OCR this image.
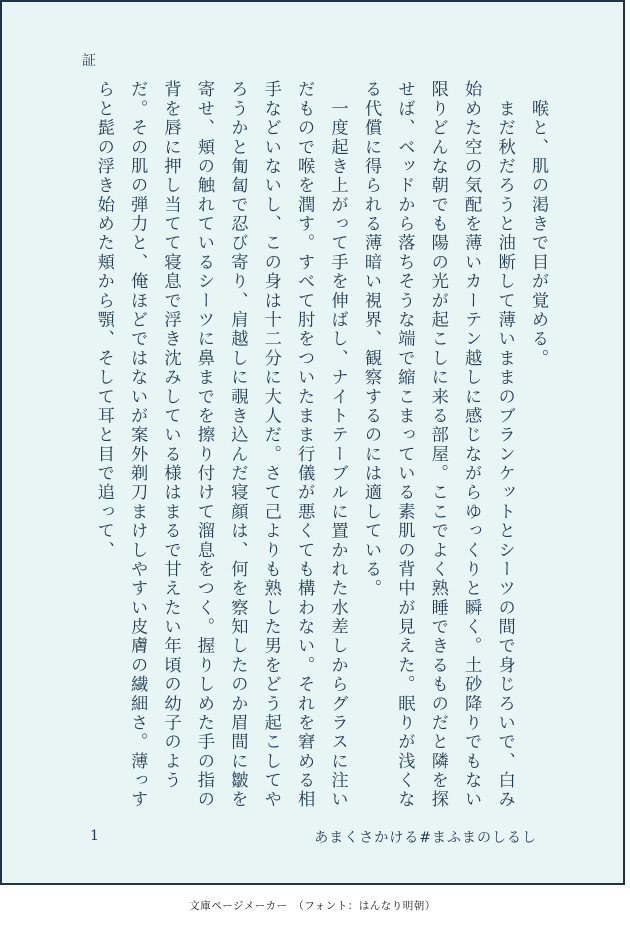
証

　喉と、肌の渇きで目が覚める。

　まだ秋だろうと油断して薄いままのブランケットとシーツの間で身じろいで、白み始めた空の気配を薄いカーテン越しに感じながらゆっくりと瞬く。土砂降りでもない限りどんな朝でも陽の光が起こしに来る部屋。ここでよく熟睡できるものだと隣を探せば、ベッドから落ちそうな端で縮こまっている素肌の背中が見えた。眠りが浅くなる代償に得られる薄暗い視界、観察するのには適している。

　一度起き上がって手を伸ばし、ナイトテーブルに置かれた水差しからグラスに注いだもので喉を潤す。すべて肘をついたまま行儀が悪くても構わない。それを窘める相手などいないし、この身は十二分に大人だ。さて己よりも熟した男をどう起こしてやろうかと匍匐で忍び寄り、肩越しに覗き込んだ寝顔は、何を察知したのか眉間に皺を寄せ、頬の触れているシーツに鼻までを擦り付けて溜息をつく。握りしめた手の指の背を唇に押し当てて寝息で浮き沈みしている様はまるで甘えたい年頃の幼子のようだ。その肌の弾力と、俺ほどではないが案外剃刀まけしやすい皮膚の繊細さ。薄っすらと髭の浮き始めた頬から顎、そして耳と目で追って、

1	あまくさかける#まふまのしるし
文庫ページメーカー　（フォント：はんなり明朝）
